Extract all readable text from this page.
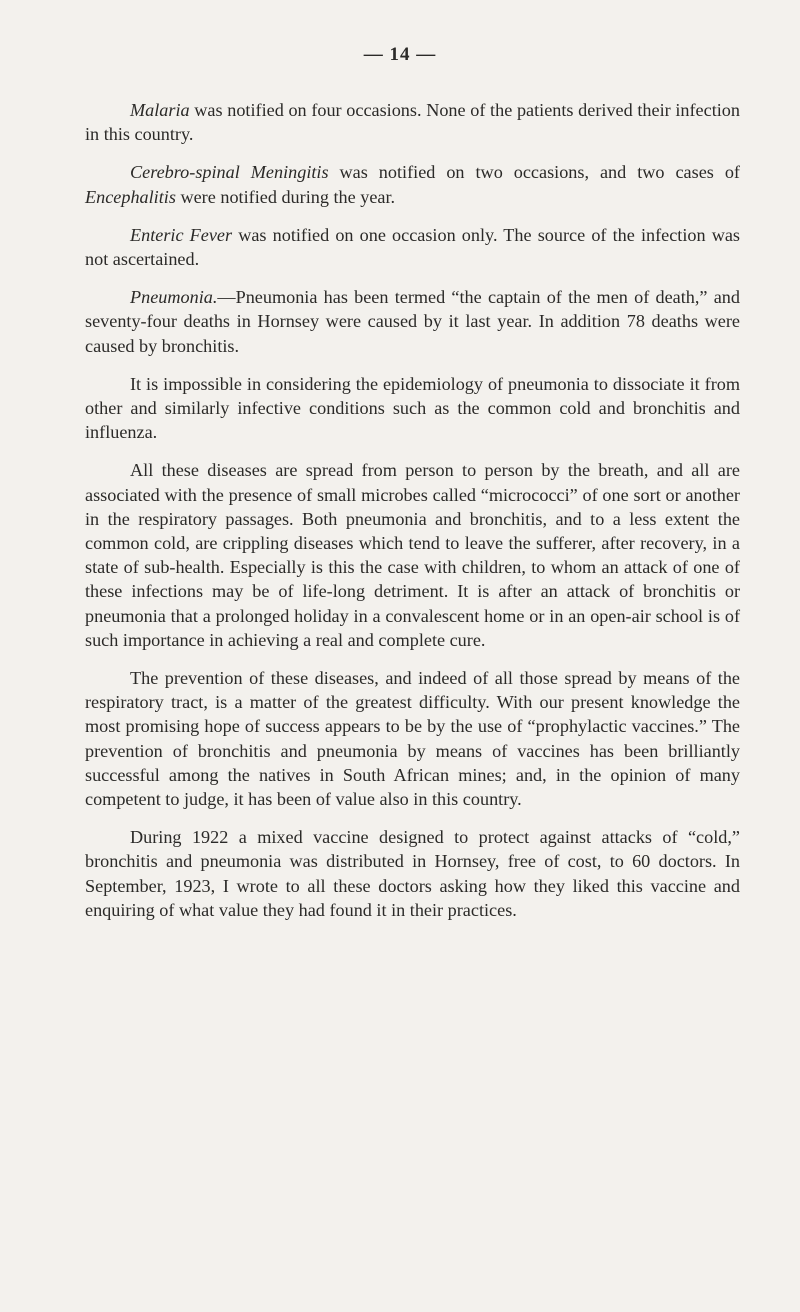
— 14 —

Malaria was notified on four occasions. None of the patients derived their infection in this country.

Cerebro-spinal Meningitis was notified on two occasions, and two cases of Encephalitis were notified during the year.

Enteric Fever was notified on one occasion only. The source of the infection was not ascertained.

Pneumonia.—Pneumonia has been termed “the captain of the men of death,” and seventy-four deaths in Hornsey were caused by it last year. In addition 78 deaths were caused by bronchitis.

It is impossible in considering the epidemiology of pneumonia to dissociate it from other and similarly infective conditions such as the common cold and bronchitis and influenza.

All these diseases are spread from person to person by the breath, and all are associated with the presence of small microbes called “micrococci” of one sort or another in the respiratory passages. Both pneumonia and bronchitis, and to a less extent the common cold, are crippling diseases which tend to leave the sufferer, after recovery, in a state of sub-health. Especially is this the case with children, to whom an attack of one of these infections may be of life-long detriment. It is after an attack of bronchitis or pneumonia that a prolonged holiday in a convalescent home or in an open-air school is of such importance in achieving a real and complete cure.

The prevention of these diseases, and indeed of all those spread by means of the respiratory tract, is a matter of the greatest difficulty. With our present knowledge the most promising hope of success appears to be by the use of “prophylactic vaccines.” The prevention of bronchitis and pneumonia by means of vaccines has been brilliantly successful among the natives in South African mines; and, in the opinion of many competent to judge, it has been of value also in this country.

During 1922 a mixed vaccine designed to protect against attacks of “cold,” bronchitis and pneumonia was distributed in Hornsey, free of cost, to 60 doctors. In September, 1923, I wrote to all these doctors asking how they liked this vaccine and enquiring of what value they had found it in their practices.
